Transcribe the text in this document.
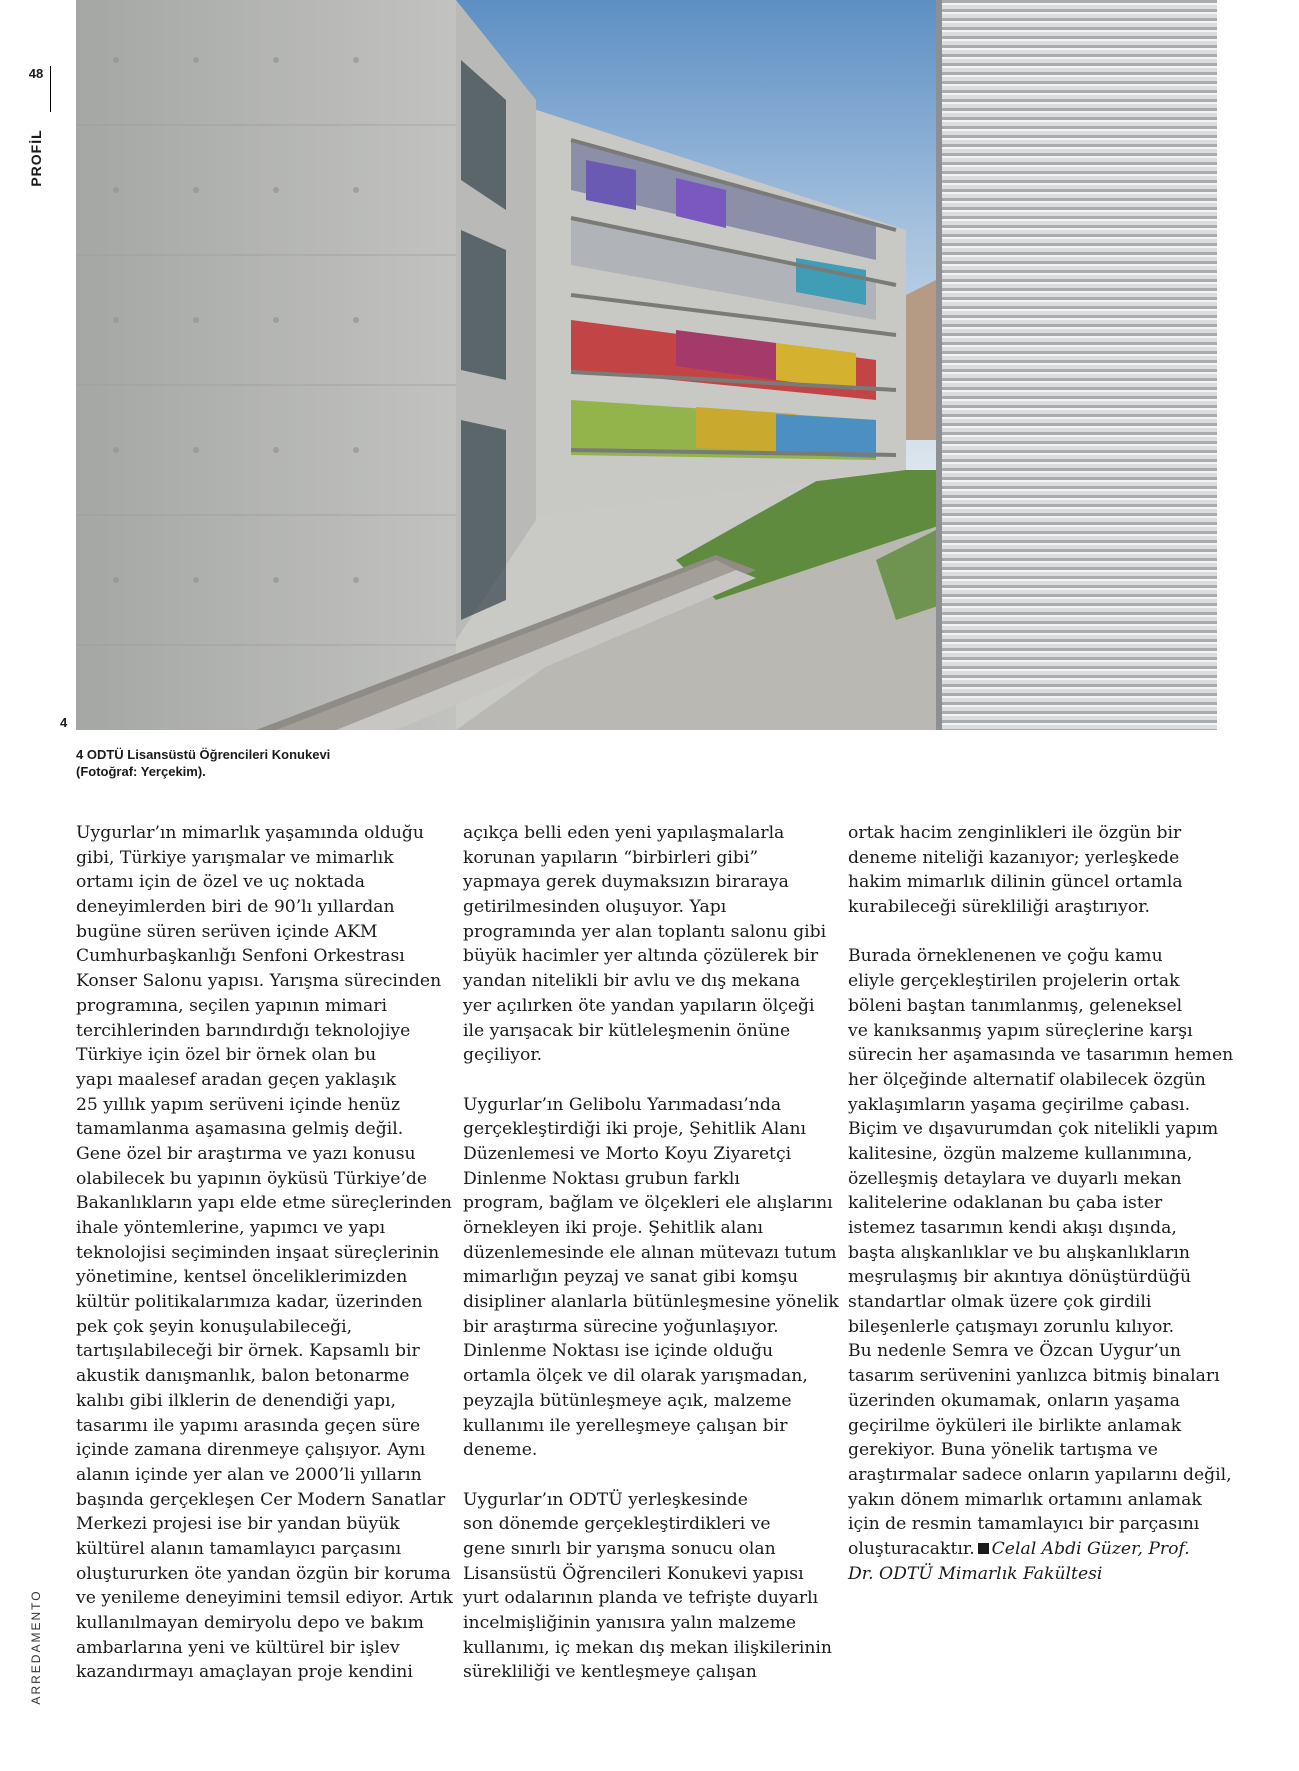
48
PROFİL
ARREDAMENTO
4
4 ODTÜ Lisansüstü Öğrencileri Konukevi
(Fotoğraf: Yerçekim).
Uygurlar’ın mimarlık yaşamında olduğu
gibi, Türkiye yarışmalar ve mimarlık
ortamı için de özel ve uç noktada
deneyimlerden biri de 90’lı yıllardan
bugüne süren serüven içinde AKM
Cumhurbaşkanlığı Senfoni Orkestrası
Konser Salonu yapısı. Yarışma sürecinden
programına, seçilen yapının mimari
tercihlerinden barındırdığı teknolojiye
Türkiye için özel bir örnek olan bu
yapı maalesef aradan geçen yaklaşık
25 yıllık yapım serüveni içinde henüz
tamamlanma aşamasına gelmiş değil.
Gene özel bir araştırma ve yazı konusu
olabilecek bu yapının öyküsü Türkiye’de
Bakanlıkların yapı elde etme süreçlerinden
ihale yöntemlerine, yapımcı ve yapı
teknolojisi seçiminden inşaat süreçlerinin
yönetimine, kentsel önceliklerimizden
kültür politikalarımıza kadar, üzerinden
pek çok şeyin konuşulabileceği,
tartışılabileceği bir örnek. Kapsamlı bir
akustik danışmanlık, balon betonarme
kalıbı gibi ilklerin de denendiği yapı,
tasarımı ile yapımı arasında geçen süre
içinde zamana direnmeye çalışıyor. Aynı
alanın içinde yer alan ve 2000’li yılların
başında gerçekleşen Cer Modern Sanatlar
Merkezi projesi ise bir yandan büyük
kültürel alanın tamamlayıcı parçasını
oluştururken öte yandan özgün bir koruma
ve yenileme deneyimini temsil ediyor. Artık
kullanılmayan demiryolu depo ve bakım
ambarlarına yeni ve kültürel bir işlev
kazandırmayı amaçlayan proje kendini
açıkça belli eden yeni yapılaşmalarla
korunan yapıların “birbirleri gibi”
yapmaya gerek duymaksızın biraraya
getirilmesinden oluşuyor. Yapı
programında yer alan toplantı salonu gibi
büyük hacimler yer altında çözülerek bir
yandan nitelikli bir avlu ve dış mekana
yer açılırken öte yandan yapıların ölçeği
ile yarışacak bir kütleleşmenin önüne
geçiliyor.
Uygurlar’ın Gelibolu Yarımadası’nda
gerçekleştirdiği iki proje, Şehitlik Alanı
Düzenlemesi ve Morto Koyu Ziyaretçi
Dinlenme Noktası grubun farklı
program, bağlam ve ölçekleri ele alışlarını
örnekleyen iki proje. Şehitlik alanı
düzenlemesinde ele alınan mütevazı tutum
mimarlığın peyzaj ve sanat gibi komşu
disipliner alanlarla bütünleşmesine yönelik
bir araştırma sürecine yoğunlaşıyor.
Dinlenme Noktası ise içinde olduğu
ortamla ölçek ve dil olarak yarışmadan,
peyzajla bütünleşmeye açık, malzeme
kullanımı ile yerelleşmeye çalışan bir
deneme.
Uygurlar’ın ODTÜ yerleşkesinde
son dönemde gerçekleştirdikleri ve
gene sınırlı bir yarışma sonucu olan
Lisansüstü Öğrencileri Konukevi yapısı
yurt odalarının planda ve tefrişte duyarlı
incelmişliğinin yanısıra yalın malzeme
kullanımı, iç mekan dış mekan ilişkilerinin
sürekliliği ve kentleşmeye çalışan
ortak hacim zenginlikleri ile özgün bir
deneme niteliği kazanıyor; yerleşkede
hakim mimarlık dilinin güncel ortamla
kurabileceği sürekliliği araştırıyor.
Burada örneklenenen ve çoğu kamu
eliyle gerçekleştirilen projelerin ortak
böleni baştan tanımlanmış, geleneksel
ve kanıksanmış yapım süreçlerine karşı
sürecin her aşamasında ve tasarımın hemen
her ölçeğinde alternatif olabilecek özgün
yaklaşımların yaşama geçirilme çabası.
Biçim ve dışavurumdan çok nitelikli yapım
kalitesine, özgün malzeme kullanımına,
özelleşmiş detaylara ve duyarlı mekan
kalitelerine odaklanan bu çaba ister
istemez tasarımın kendi akışı dışında,
başta alışkanlıklar ve bu alışkanlıkların
meşrulaşmış bir akıntıya dönüştürdüğü
standartlar olmak üzere çok girdili
bileşenlerle çatışmayı zorunlu kılıyor.
Bu nedenle Semra ve Özcan Uygur’un
tasarım serüvenini yanlızca bitmiş binaları
üzerinden okumamak, onların yaşama
geçirilme öyküleri ile birlikte anlamak
gerekiyor. Buna yönelik tartışma ve
araştırmalar sadece onların yapılarını değil,
yakın dönem mimarlık ortamını anlamak
için de resmin tamamlayıcı bir parçasını
oluşturacaktır. Celal Abdi Güzer, Prof.
Dr. ODTÜ Mimarlık Fakültesi
